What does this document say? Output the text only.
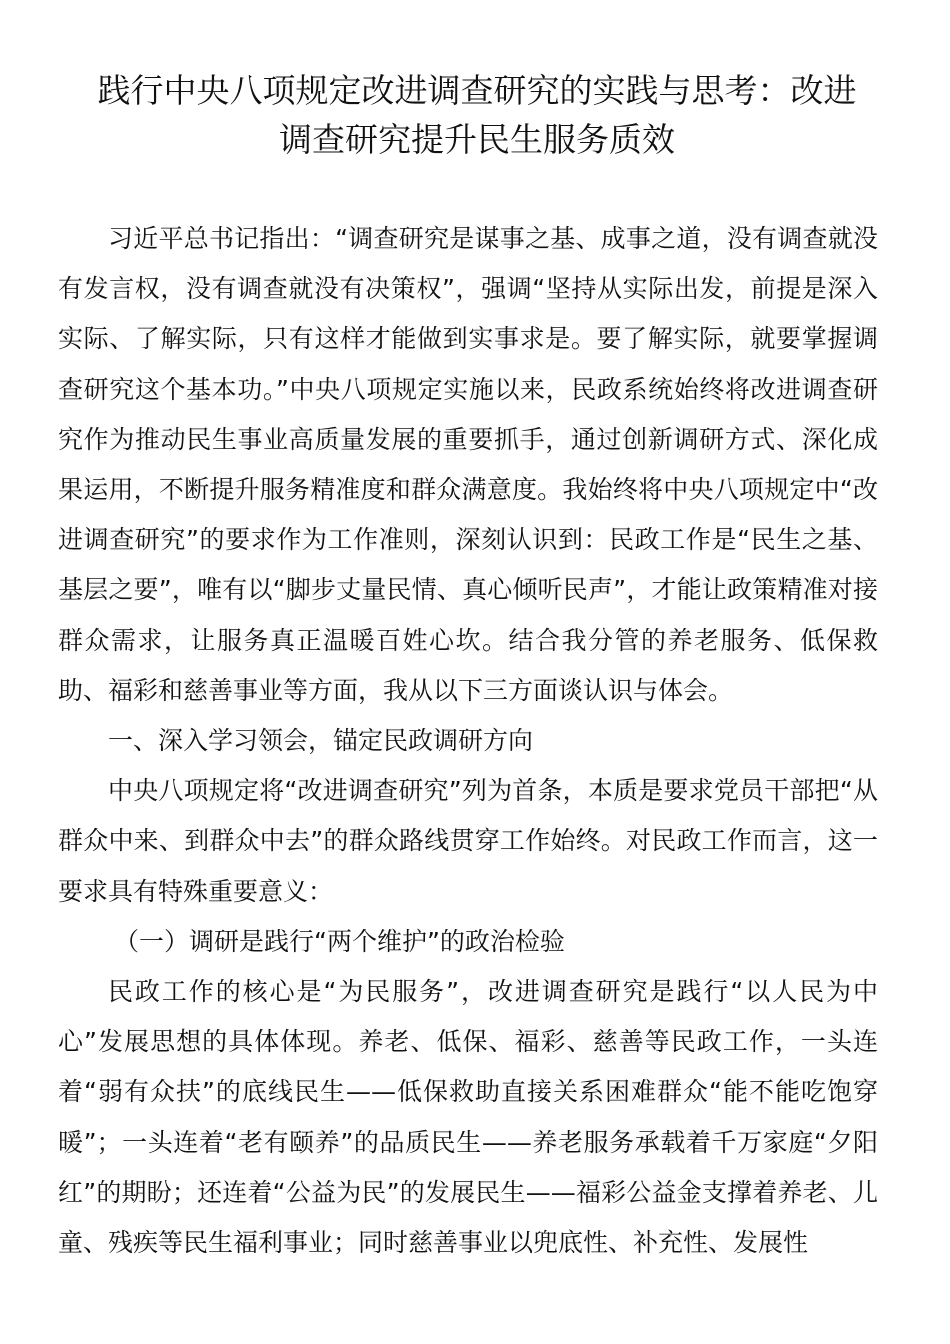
践行中央八项规定改进调查研究的实践与思考：改进
调查研究提升民生服务质效

习近平总书记指出：“调查研究是谋事之基、成事之道，没有调查就没有发言权，没有调查就没有决策权”，强调“坚持从实际出发，前提是深入实际、了解实际，只有这样才能做到实事求是。要了解实际，就要掌握调查研究这个基本功。”中央八项规定实施以来，民政系统始终将改进调查研究作为推动民生事业高质量发展的重要抓手，通过创新调研方式、深化成果运用，不断提升服务精准度和群众满意度。我始终将中央八项规定中“改进调查研究”的要求作为工作准则，深刻认识到：民政工作是“民生之基、基层之要”，唯有以“脚步丈量民情、真心倾听民声”，才能让政策精准对接群众需求，让服务真正温暖百姓心坎。结合我分管的养老服务、低保救助、福彩和慈善事业等方面，我从以下三方面谈认识与体会。

一、深入学习领会，锚定民政调研方向

中央八项规定将“改进调查研究”列为首条，本质是要求党员干部把“从群众中来、到群众中去”的群众路线贯穿工作始终。对民政工作而言，这一要求具有特殊重要意义：

（一）调研是践行“两个维护”的政治检验

民政工作的核心是“为民服务”，改进调查研究是践行“以人民为中心”发展思想的具体体现。养老、低保、福彩、慈善等民政工作，一头连着“弱有众扶”的底线民生——低保救助直接关系困难群众“能不能吃饱穿暖”；一头连着“老有颐养”的品质民生——养老服务承载着千万家庭“夕阳红”的期盼；还连着“公益为民”的发展民生——福彩公益金支撑着养老、儿童、残疾等民生福利事业；同时慈善事业以兜底性、补充性、发展性
